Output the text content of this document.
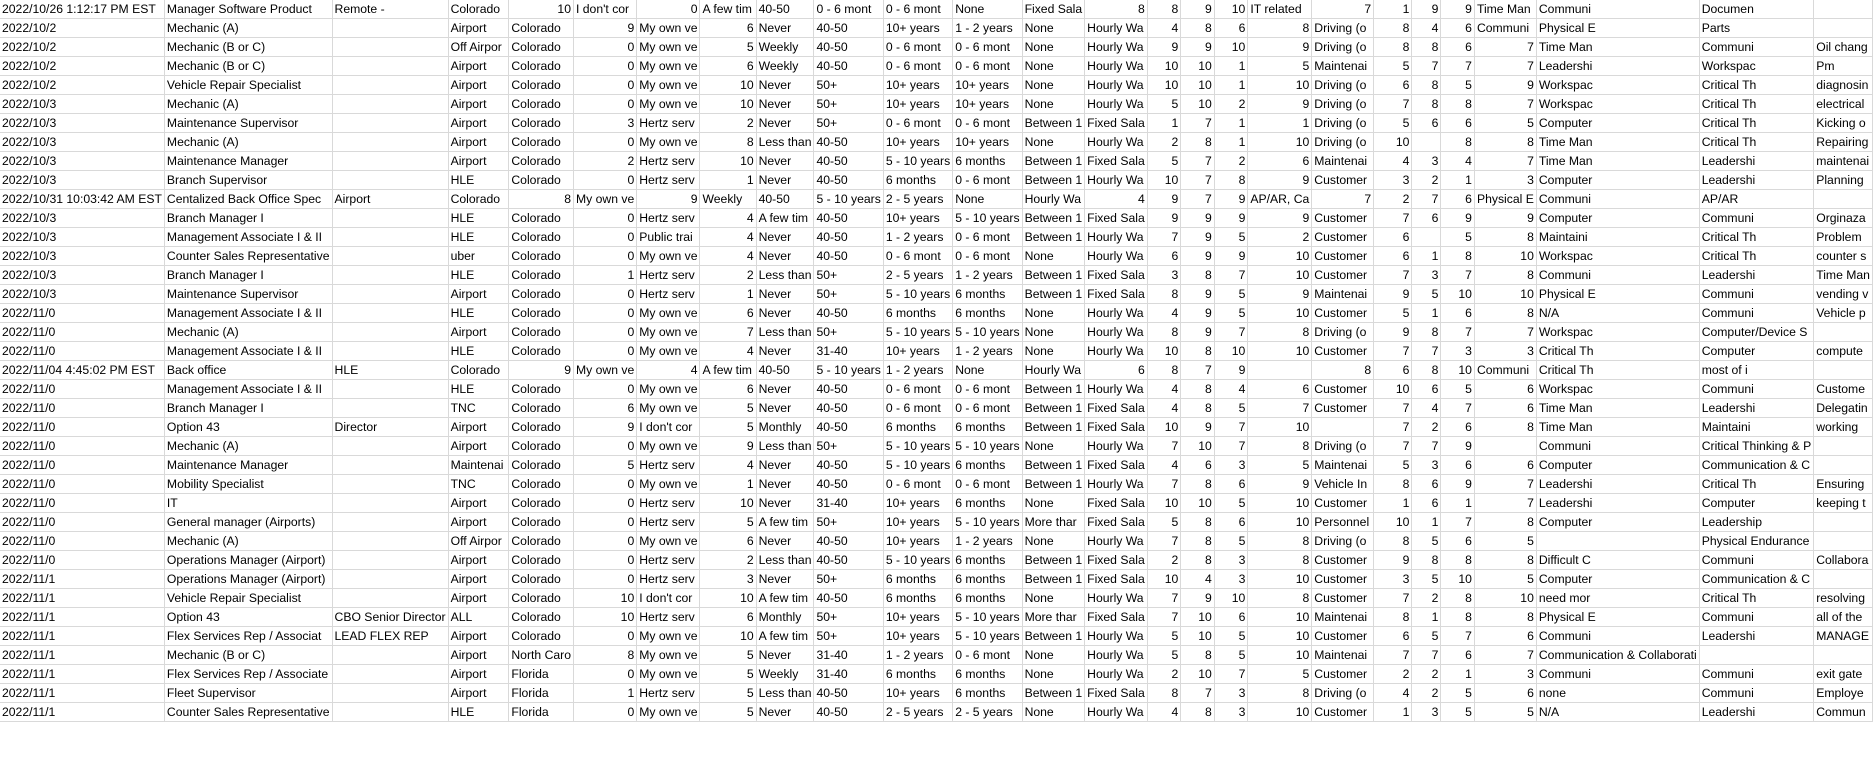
2022/10/26 1:12:17 PM EST	Manager Software Product	Remote -	Colorado	10	I don't cor	0	A few tim	40-50	0 - 6 mont	0 - 6 mont	None	Fixed Sala	8	8	9	10	IT related	7	1	9	9	Time Man	Communi	Documen	
2022/10/2	Mechanic (A)		Airport	Colorado	9	My own ve	6	Never	40-50	10+ years	1 - 2 years	None	Hourly Wa	4	8	6	8	Driving (o	8	4	6	Communi	Physical E	Parts	
2022/10/2	Mechanic (B or C)		Off Airpor	Colorado	0	My own ve	5	Weekly	40-50	0 - 6 mont	0 - 6 mont	None	Hourly Wa	9	9	10	9	Driving (o	8	8	6	7	Time Man	Communi	Oil chang
2022/10/2	Mechanic (B or C)		Airport	Colorado	0	My own ve	6	Weekly	40-50	0 - 6 mont	0 - 6 mont	None	Hourly Wa	10	10	1	5	Maintenai	5	7	7	7	Leadershi	Workspac	Pm
2022/10/2	Vehicle Repair Specialist		Airport	Colorado	0	My own ve	10	Never	50+	10+ years	10+ years	None	Hourly Wa	10	10	1	10	Driving (o	6	8	5	9	Workspac	Critical Th	diagnosin
2022/10/3	Mechanic (A)		Airport	Colorado	0	My own ve	10	Never	50+	10+ years	10+ years	None	Hourly Wa	5	10	2	9	Driving (o	7	8	8	7	Workspac	Critical Th	electrical
2022/10/3	Maintenance Supervisor		Airport	Colorado	3	Hertz serv	2	Never	50+	0 - 6 mont	0 - 6 mont	Between 1	Fixed Sala	1	7	1	1	Driving (o	5	6	6	5	Computer	Critical Th	Kicking o
2022/10/3	Mechanic (A)		Airport	Colorado	0	My own ve	8	Less than	40-50	10+ years	10+ years	None	Hourly Wa	2	8	1	10	Driving (o	10		8	8	Time Man	Critical Th	Repairing
2022/10/3	Maintenance Manager		Airport	Colorado	2	Hertz serv	10	Never	40-50	5 - 10 years	6 months	Between 1	Fixed Sala	5	7	2	6	Maintenai	4	3	4	7	Time Man	Leadershi	maintenai
2022/10/3	Branch Supervisor		HLE	Colorado	0	Hertz serv	1	Never	40-50	6 months	0 - 6 mont	Between 1	Hourly Wa	10	7	8	9	Customer	3	2	1	3	Computer	Leadershi	Planning
2022/10/31 10:03:42 AM EST	Centalized Back Office Spec	Airport	Colorado	8	My own ve	9	Weekly	40-50	5 - 10 years	2 - 5 years	None	Hourly Wa	4	9	7	9	AP/AR, Ca	7	2	7	6	Physical E	Communi	AP/AR	
2022/10/3	Branch Manager I		HLE	Colorado	0	Hertz serv	4	A few tim	40-50	10+ years	5 - 10 years	Between 1	Fixed Sala	9	9	9	9	Customer	7	6	9	9	Computer	Communi	Orginaza
2022/10/3	Management Associate I & II		HLE	Colorado	0	Public trai	4	Never	40-50	1 - 2 years	0 - 6 mont	Between 1	Hourly Wa	7	9	5	2	Customer	6		5	8	Maintaini	Critical Th	Problem
2022/10/3	Counter Sales Representative		uber	Colorado	0	My own ve	4	Never	40-50	0 - 6 mont	0 - 6 mont	None	Hourly Wa	6	9	9	10	Customer	6	1	8	10	Workspac	Critical Th	counter s
2022/10/3	Branch Manager I		HLE	Colorado	1	Hertz serv	2	Less than	50+	2 - 5 years	1 - 2 years	Between 1	Fixed Sala	3	8	7	10	Customer	7	3	7	8	Communi	Leadershi	Time Man
2022/10/3	Maintenance Supervisor		Airport	Colorado	0	Hertz serv	1	Never	50+	5 - 10 years	6 months	Between 1	Fixed Sala	8	9	5	9	Maintenai	9	5	10	10	Physical E	Communi	vending v
2022/11/0	Management Associate I & II		HLE	Colorado	0	My own ve	6	Never	40-50	6 months	6 months	None	Hourly Wa	4	9	5	10	Customer	5	1	6	8	N/A	Communi	Vehicle p
2022/11/0	Mechanic (A)		Airport	Colorado	0	My own ve	7	Less than	50+	5 - 10 years	5 - 10 years	None	Hourly Wa	8	9	7	8	Driving (o	9	8	7	7	Workspac	Computer/Device S	
2022/11/0	Management Associate I & II		HLE	Colorado	0	My own ve	4	Never	31-40	10+ years	1 - 2 years	None	Hourly Wa	10	8	10	10	Customer	7	7	3	3	Critical Th	Computer	compute
2022/11/04 4:45:02 PM EST	Back office	HLE	Colorado	9	My own ve	4	A few tim	40-50	5 - 10 years	1 - 2 years	None	Hourly Wa	6	8	7	9		8	6	8	10	Communi	Critical Th	most of i	
2022/11/0	Management Associate I & II		HLE	Colorado	0	My own ve	6	Never	40-50	0 - 6 mont	0 - 6 mont	Between 1	Hourly Wa	4	8	4	6	Customer	10	6	5	6	Workspac	Communi	Custome
2022/11/0	Branch Manager I		TNC	Colorado	6	My own ve	5	Never	40-50	0 - 6 mont	0 - 6 mont	Between 1	Fixed Sala	4	8	5	7	Customer	7	4	7	6	Time Man	Leadershi	Delegatin
2022/11/0	Option 43	Director	Airport	Colorado	9	I don't cor	5	Monthly	40-50	6 months	6 months	Between 1	Fixed Sala	10	9	7	10		7	2	6	8	Time Man	Maintaini	working
2022/11/0	Mechanic (A)		Airport	Colorado	0	My own ve	9	Less than	50+	5 - 10 years	5 - 10 years	None	Hourly Wa	7	10	7	8	Driving (o	7	7	9		Communi	Critical Thinking & P	
2022/11/0	Maintenance Manager		Maintenai	Colorado	5	Hertz serv	4	Never	40-50	5 - 10 years	6 months	Between 1	Fixed Sala	4	6	3	5	Maintenai	5	3	6	6	Computer	Communication & C	
2022/11/0	Mobility Specialist		TNC	Colorado	0	My own ve	1	Never	40-50	0 - 6 mont	0 - 6 mont	Between 1	Hourly Wa	7	8	6	9	Vehicle In	8	6	9	7	Leadershi	Critical Th	Ensuring
2022/11/0	IT		Airport	Colorado	0	Hertz serv	10	Never	31-40	10+ years	6 months	None	Fixed Sala	10	10	5	10	Customer	1	6	1	7	Leadershi	Computer	keeping t
2022/11/0	General manager (Airports)		Airport	Colorado	0	Hertz serv	5	A few tim	50+	10+ years	5 - 10 years	More thar	Fixed Sala	5	8	6	10	Personnel	10	1	7	8	Computer	Leadership	
2022/11/0	Mechanic (A)		Off Airpor	Colorado	0	My own ve	6	Never	40-50	10+ years	1 - 2 years	None	Hourly Wa	7	8	5	8	Driving (o	8	5	6	5		Physical Endurance	
2022/11/0	Operations Manager (Airport)		Airport	Colorado	0	Hertz serv	2	Less than	40-50	5 - 10 years	6 months	Between 1	Fixed Sala	2	8	3	8	Customer	9	8	8	8	Difficult C	Communi	Collabora
2022/11/1	Operations Manager (Airport)		Airport	Colorado	0	Hertz serv	3	Never	50+	6 months	6 months	Between 1	Fixed Sala	10	4	3	10	Customer	3	5	10	5	Computer	Communication & C	
2022/11/1	Vehicle Repair Specialist		Airport	Colorado	10	I don't cor	10	A few tim	40-50	6 months	6 months	None	Hourly Wa	7	9	10	8	Customer	7	2	8	10	need mor	Critical Th	resolving
2022/11/1	Option 43	CBO Senior Director	ALL	Colorado	10	Hertz serv	6	Monthly	50+	10+ years	5 - 10 years	More thar	Fixed Sala	7	10	6	10	Maintenai	8	1	8	8	Physical E	Communi	all of the
2022/11/1	Flex Services Rep / Associat	LEAD FLEX REP	Airport	Colorado	0	My own ve	10	A few tim	50+	10+ years	5 - 10 years	Between 1	Hourly Wa	5	10	5	10	Customer	6	5	7	6	Communi	Leadershi	MANAGE
2022/11/1	Mechanic (B or C)		Airport	North Caro	8	My own ve	5	Never	31-40	1 - 2 years	0 - 6 mont	None	Hourly Wa	5	8	5	10	Maintenai	7	7	6	7	Communication & Collaborati		
2022/11/1	Flex Services Rep / Associate		Airport	Florida	0	My own ve	5	Weekly	31-40	6 months	6 months	None	Hourly Wa	2	10	7	5	Customer	2	2	1	3	Communi	Communi	exit gate
2022/11/1	Fleet Supervisor		Airport	Florida	1	Hertz serv	5	Less than	40-50	10+ years	6 months	Between 1	Fixed Sala	8	7	3	8	Driving (o	4	2	5	6	none	Communi	Employe
2022/11/1	Counter Sales Representative		HLE	Florida	0	My own ve	5	Never	40-50	2 - 5 years	2 - 5 years	None	Hourly Wa	4	8	3	10	Customer	1	3	5	5	N/A	Leadershi	Commun
